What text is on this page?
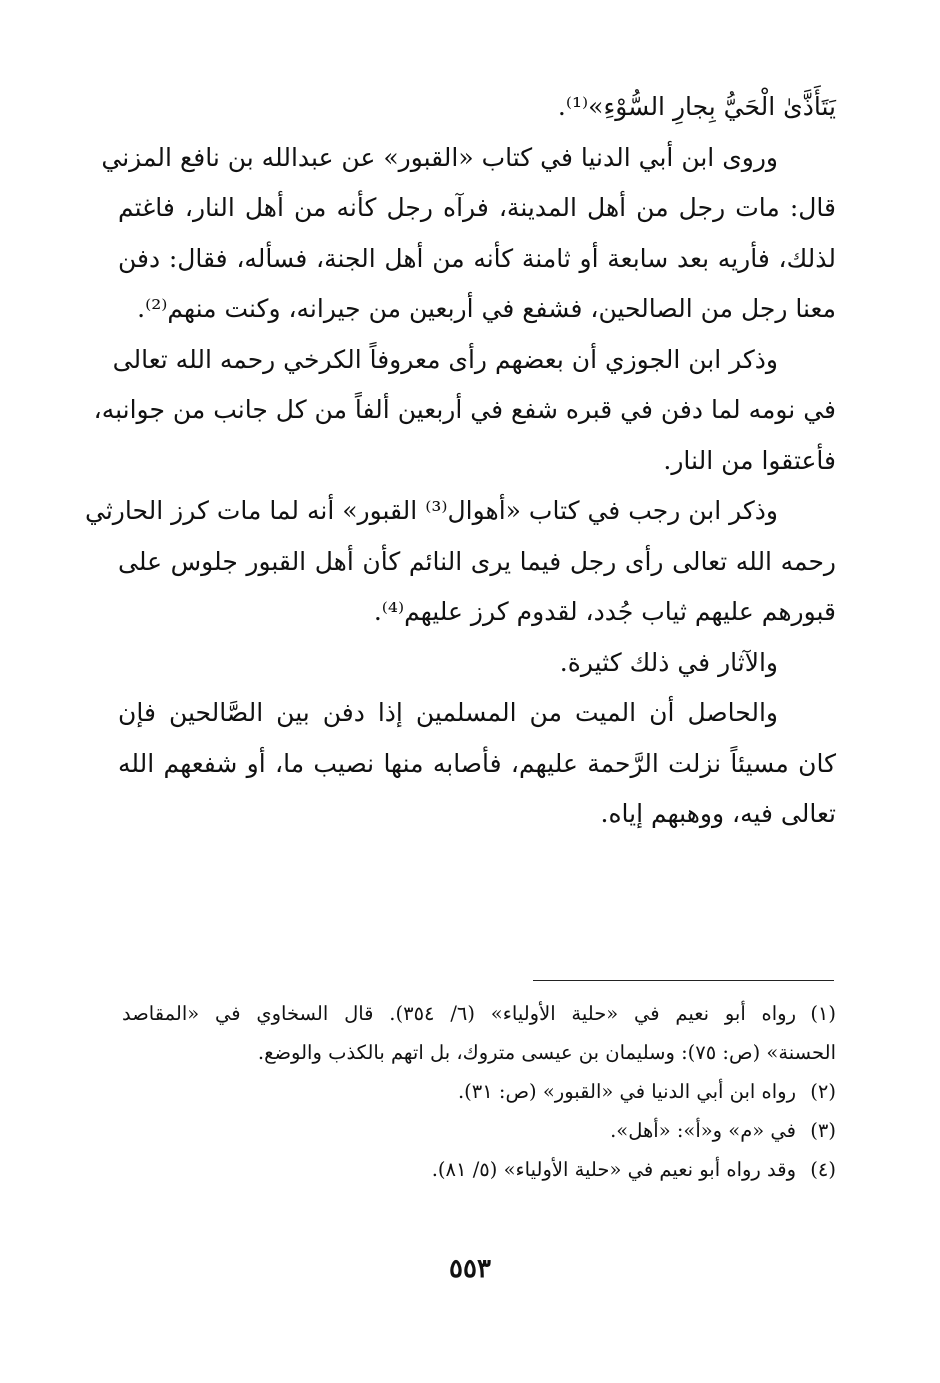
يَتَأَذَّىٰ الْحَيُّ بِجارِ السُّوْءِ»⁽¹⁾.
وروى ابن أبي الدنيا في كتاب «القبور» عن عبدالله بن نافع المزني
قال: مات رجل من أهل المدينة، فرآه رجل كأنه من أهل النار، فاغتم
لذلك، فأريه بعد سابعة أو ثامنة كأنه من أهل الجنة، فسأله، فقال: دفن
معنا رجل من الصالحين، فشفع في أربعين من جيرانه، وكنت منهم⁽²⁾.
وذكر ابن الجوزي أن بعضهم رأى معروفاً الكرخي رحمه الله تعالى
في نومه لما دفن في قبره شفع في أربعين ألفاً من كل جانب من جوانبه،
فأعتقوا من النار.
وذكر ابن رجب في كتاب «أهوال⁽³⁾ القبور» أنه لما مات كرز الحارثي
رحمه الله تعالى رأى رجل فيما يرى النائم كأن أهل القبور جلوس على
قبورهم عليهم ثياب جُدد، لقدوم كرز عليهم⁽⁴⁾.
والآثار في ذلك كثيرة.
والحاصل أن الميت من المسلمين إذا دفن بين الصَّالحين فإن
كان مسيئاً نزلت الرَّحمة عليهم، فأصابه منها نصيب ما، أو شفعهم الله
تعالى فيه، ووهبهم إياه.
(١)رواه أبو نعيم في «حلية الأولياء» (٦/ ٣٥٤). قال السخاوي في «المقاصد
الحسنة» (ص: ٧٥): وسليمان بن عيسى متروك، بل اتهم بالكذب والوضع.
(٢)رواه ابن أبي الدنيا في «القبور» (ص: ٣١).
(٣)في «م» و«أ»: «أهل».
(٤)وقد رواه أبو نعيم في «حلية الأولياء» (٥/ ٨١).
٥٥٣
